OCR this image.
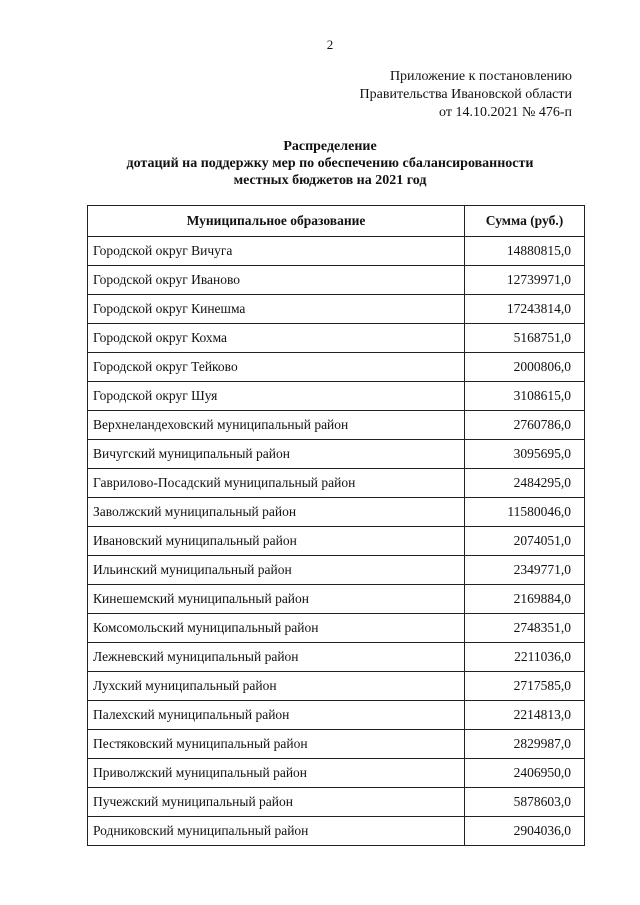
2
Приложение к постановлению
Правительства Ивановской области
от 14.10.2021 № 476-п
Распределение
дотаций на поддержку мер по обеспечению сбалансированности
местных бюджетов на 2021 год
Муниципальное образование	Сумма (руб.)
Городской округ Вичуга	14880815,0
Городской округ Иваново	12739971,0
Городской округ Кинешма	17243814,0
Городской округ Кохма	5168751,0
Городской округ Тейково	2000806,0
Городской округ Шуя	3108615,0
Верхнеландеховский муниципальный район	2760786,0
Вичугский муниципальный район	3095695,0
Гаврилово-Посадский муниципальный район	2484295,0
Заволжский муниципальный район	11580046,0
Ивановский муниципальный район	2074051,0
Ильинский муниципальный район	2349771,0
Кинешемский муниципальный район	2169884,0
Комсомольский муниципальный район	2748351,0
Лежневский муниципальный район	2211036,0
Лухский муниципальный район	2717585,0
Палехский муниципальный район	2214813,0
Пестяковский муниципальный район	2829987,0
Приволжский муниципальный район	2406950,0
Пучежский муниципальный район	5878603,0
Родниковский муниципальный район	2904036,0
